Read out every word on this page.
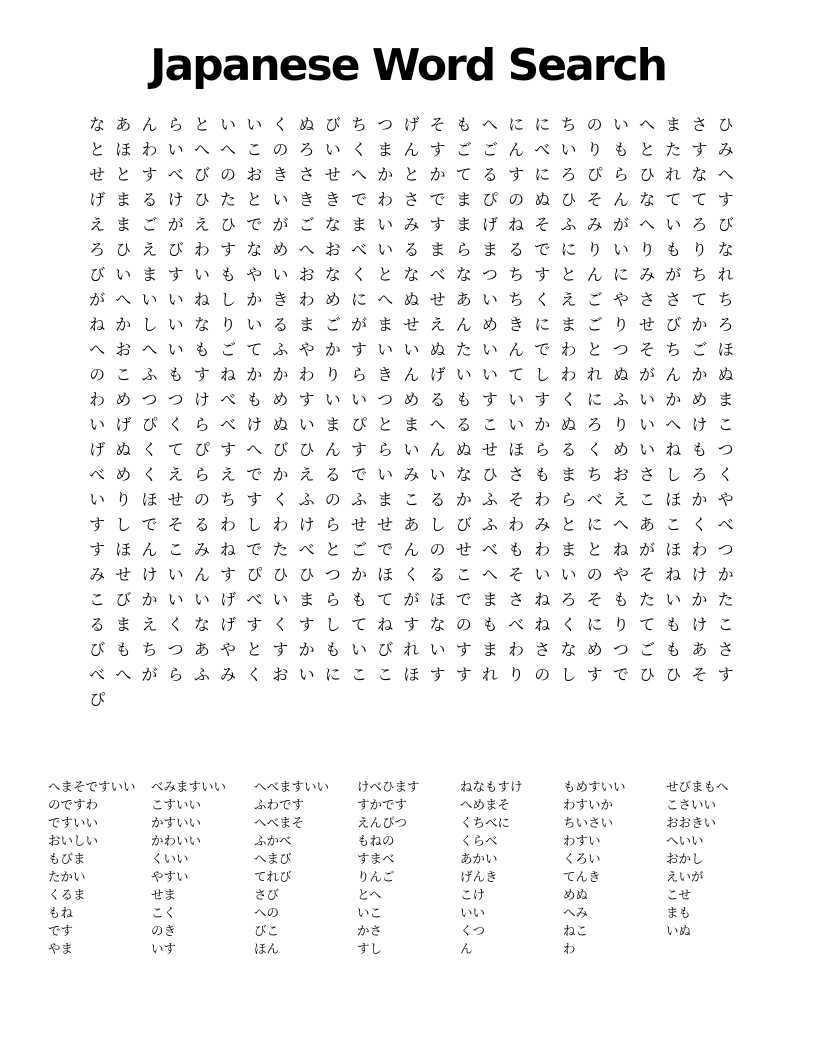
Japanese Word Search
な あ ん ら と い い く ぬ び ち つ げ そ も へ に に ち の い へ ま さ ひ
と ほ わ い へ へ こ の ろ い く ま ん す ご ご ん べ い り も と た す み
せ と す べ び の お き さ せ へ か と か て る す に ろ ぴ ら ひ れ な へ
げ ま る け ひ た と い き き で わ さ で ま ぴ の ぬ ひ そ ん な て て す
え ま ご が え ひ で が ご な ま い み す ま げ ね そ ふ み が へ い ろ び
ろ ひ え び わ す な め へ お べ い る ま ら ま る で に り い り も り な
び い ま す い も や い お な く と な べ な つ ち す と ん に み が ち れ
が へ い い ね し か き わ め に へ ぬ せ あ い ち く え ご や さ さ て ち
ね か し い な り い る ま ご が ま せ え ん め き に ま ご り せ び か ろ
へ お へ い も ご て ふ や か す い い ぬ た い ん で わ と つ そ ち ご ほ
の こ ふ も す ね か か わ り ら き ん げ い い て し わ れ ぬ が ん か ぬ
わ め つ つ け べ も め す い い つ め る も す い す く に ふ い か め ま
い げ ぴ く ら べ け ぬ い ま ぴ と ま へ る こ い か ぬ ろ り い へ け こ
げ ぬ く て ぴ す へ び ひ ん す ら い ん ぬ せ ほ ら る く め い ね も つ
べ め く え ら え で か え る で い み い な ひ さ も ま ち お さ し ろ く
い り ほ せ の ち す く ふ の ふ ま こ る か ふ そ わ ら べ え こ ほ か や
す し で そ る わ し わ け ら せ せ あ し び ふ わ み と に へ あ こ く べ
す ほ ん こ み ね で た べ と ご で ん の せ べ も わ ま と ね が ほ わ つ
み せ け い ん す ぴ ひ ひ つ か ほ く る こ へ そ い い の や そ ね け か
こ び か い い げ べ い ま ら も て が ほ で ま さ ね ろ そ も た い か た
る ま え く な げ す く す し て ね す な の も べ ね く に り て も け こ
び も ち つ あ や と す か も い び れ い す ま わ さ な め つ ご も あ さ
べ へ が ら ふ み く お い に こ こ ほ す す れ り の し す で ひ ひ そ す
ぴ
へまそですいい
のですわ
ですいい
おいしい
もびま
たかい
くるま
もね
です
やま
べみますいい
こすいい
かすいい
かわいい
くいい
やすい
せま
こく
のき
いす
へべますいい
ふわです
へべまそ
ふかべ
へまび
てれび
さび
への
びこ
ほん
けべひます
すかです
えんぴつ
もねの
すまべ
りんご
とへ
いこ
かさ
すし
ねなもすけ
へめまそ
くちべに
くらべ
あかい
げんき
こけ
いい
くつ
ん
もめすいい
わすいか
ちいさい
わすい
くろい
てんき
めぬ
へみ
ねこ
わ
せびまもへ
こさいい
おおきい
へいい
おかし
えいが
こせ
まも
いぬ
